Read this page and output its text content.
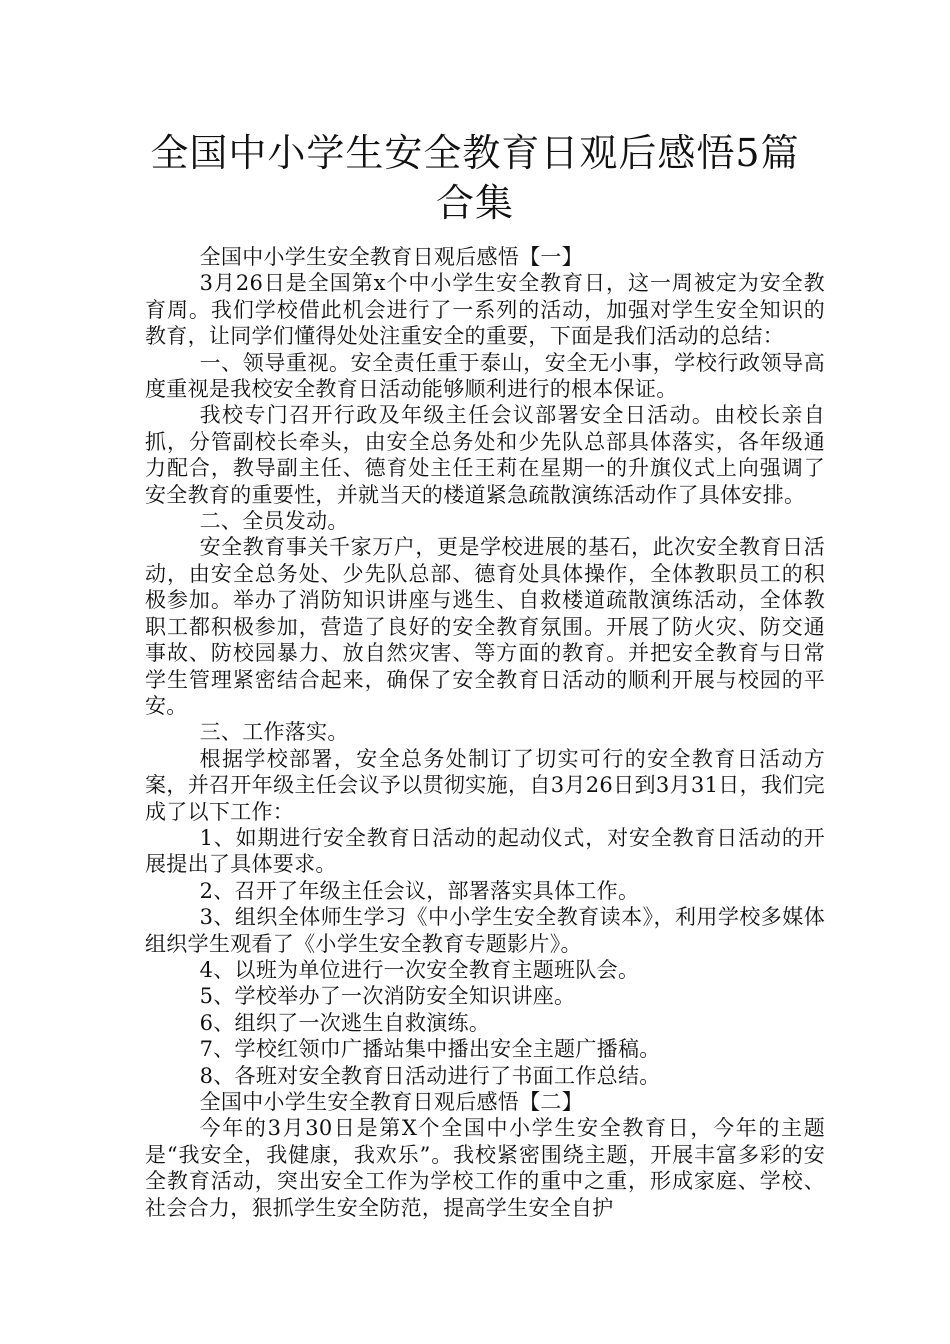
全国中小学生安全教育日观后感悟5篇合集

全国中小学生安全教育日观后感悟【一】

3月26日是全国第x个中小学生安全教育日，这一周被定为安全教育周。我们学校借此机会进行了一系列的活动，加强对学生安全知识的教育，让同学们懂得处处注重安全的重要，下面是我们活动的总结：

一、领导重视。安全责任重于泰山，安全无小事，学校行政领导高度重视是我校安全教育日活动能够顺利进行的根本保证。

我校专门召开行政及年级主任会议部署安全日活动。由校长亲自抓，分管副校长牵头，由安全总务处和少先队总部具体落实，各年级通力配合，教导副主任、德育处主任王莉在星期一的升旗仪式上向强调了安全教育的重要性，并就当天的楼道紧急疏散演练活动作了具体安排。

二、全员发动。

安全教育事关千家万户，更是学校进展的基石，此次安全教育日活动，由安全总务处、少先队总部、德育处具体操作，全体教职员工的积极参加。举办了消防知识讲座与逃生、自救楼道疏散演练活动，全体教职工都积极参加，营造了良好的安全教育氛围。开展了防火灾、防交通事故、防校园暴力、放自然灾害、等方面的教育。并把安全教育与日常学生管理紧密结合起来，确保了安全教育日活动的顺利开展与校园的平安。

三、工作落实。

根据学校部署，安全总务处制订了切实可行的安全教育日活动方案，并召开年级主任会议予以贯彻实施，自3月26日到3月31日，我们完成了以下工作：

1、如期进行安全教育日活动的起动仪式，对安全教育日活动的开展提出了具体要求。

2、召开了年级主任会议，部署落实具体工作。

3、组织全体师生学习《中小学生安全教育读本》，利用学校多媒体组织学生观看了《小学生安全教育专题影片》。

4、以班为单位进行一次安全教育主题班队会。

5、学校举办了一次消防安全知识讲座。

6、组织了一次逃生自救演练。

7、学校红领巾广播站集中播出安全主题广播稿。

8、各班对安全教育日活动进行了书面工作总结。

全国中小学生安全教育日观后感悟【二】

今年的3月30日是第X个全国中小学生安全教育日，今年的主题是“我安全，我健康，我欢乐”。我校紧密围绕主题，开展丰富多彩的安全教育活动，突出安全工作为学校工作的重中之重，形成家庭、学校、社会合力，狠抓学生安全防范，提高学生安全自护
